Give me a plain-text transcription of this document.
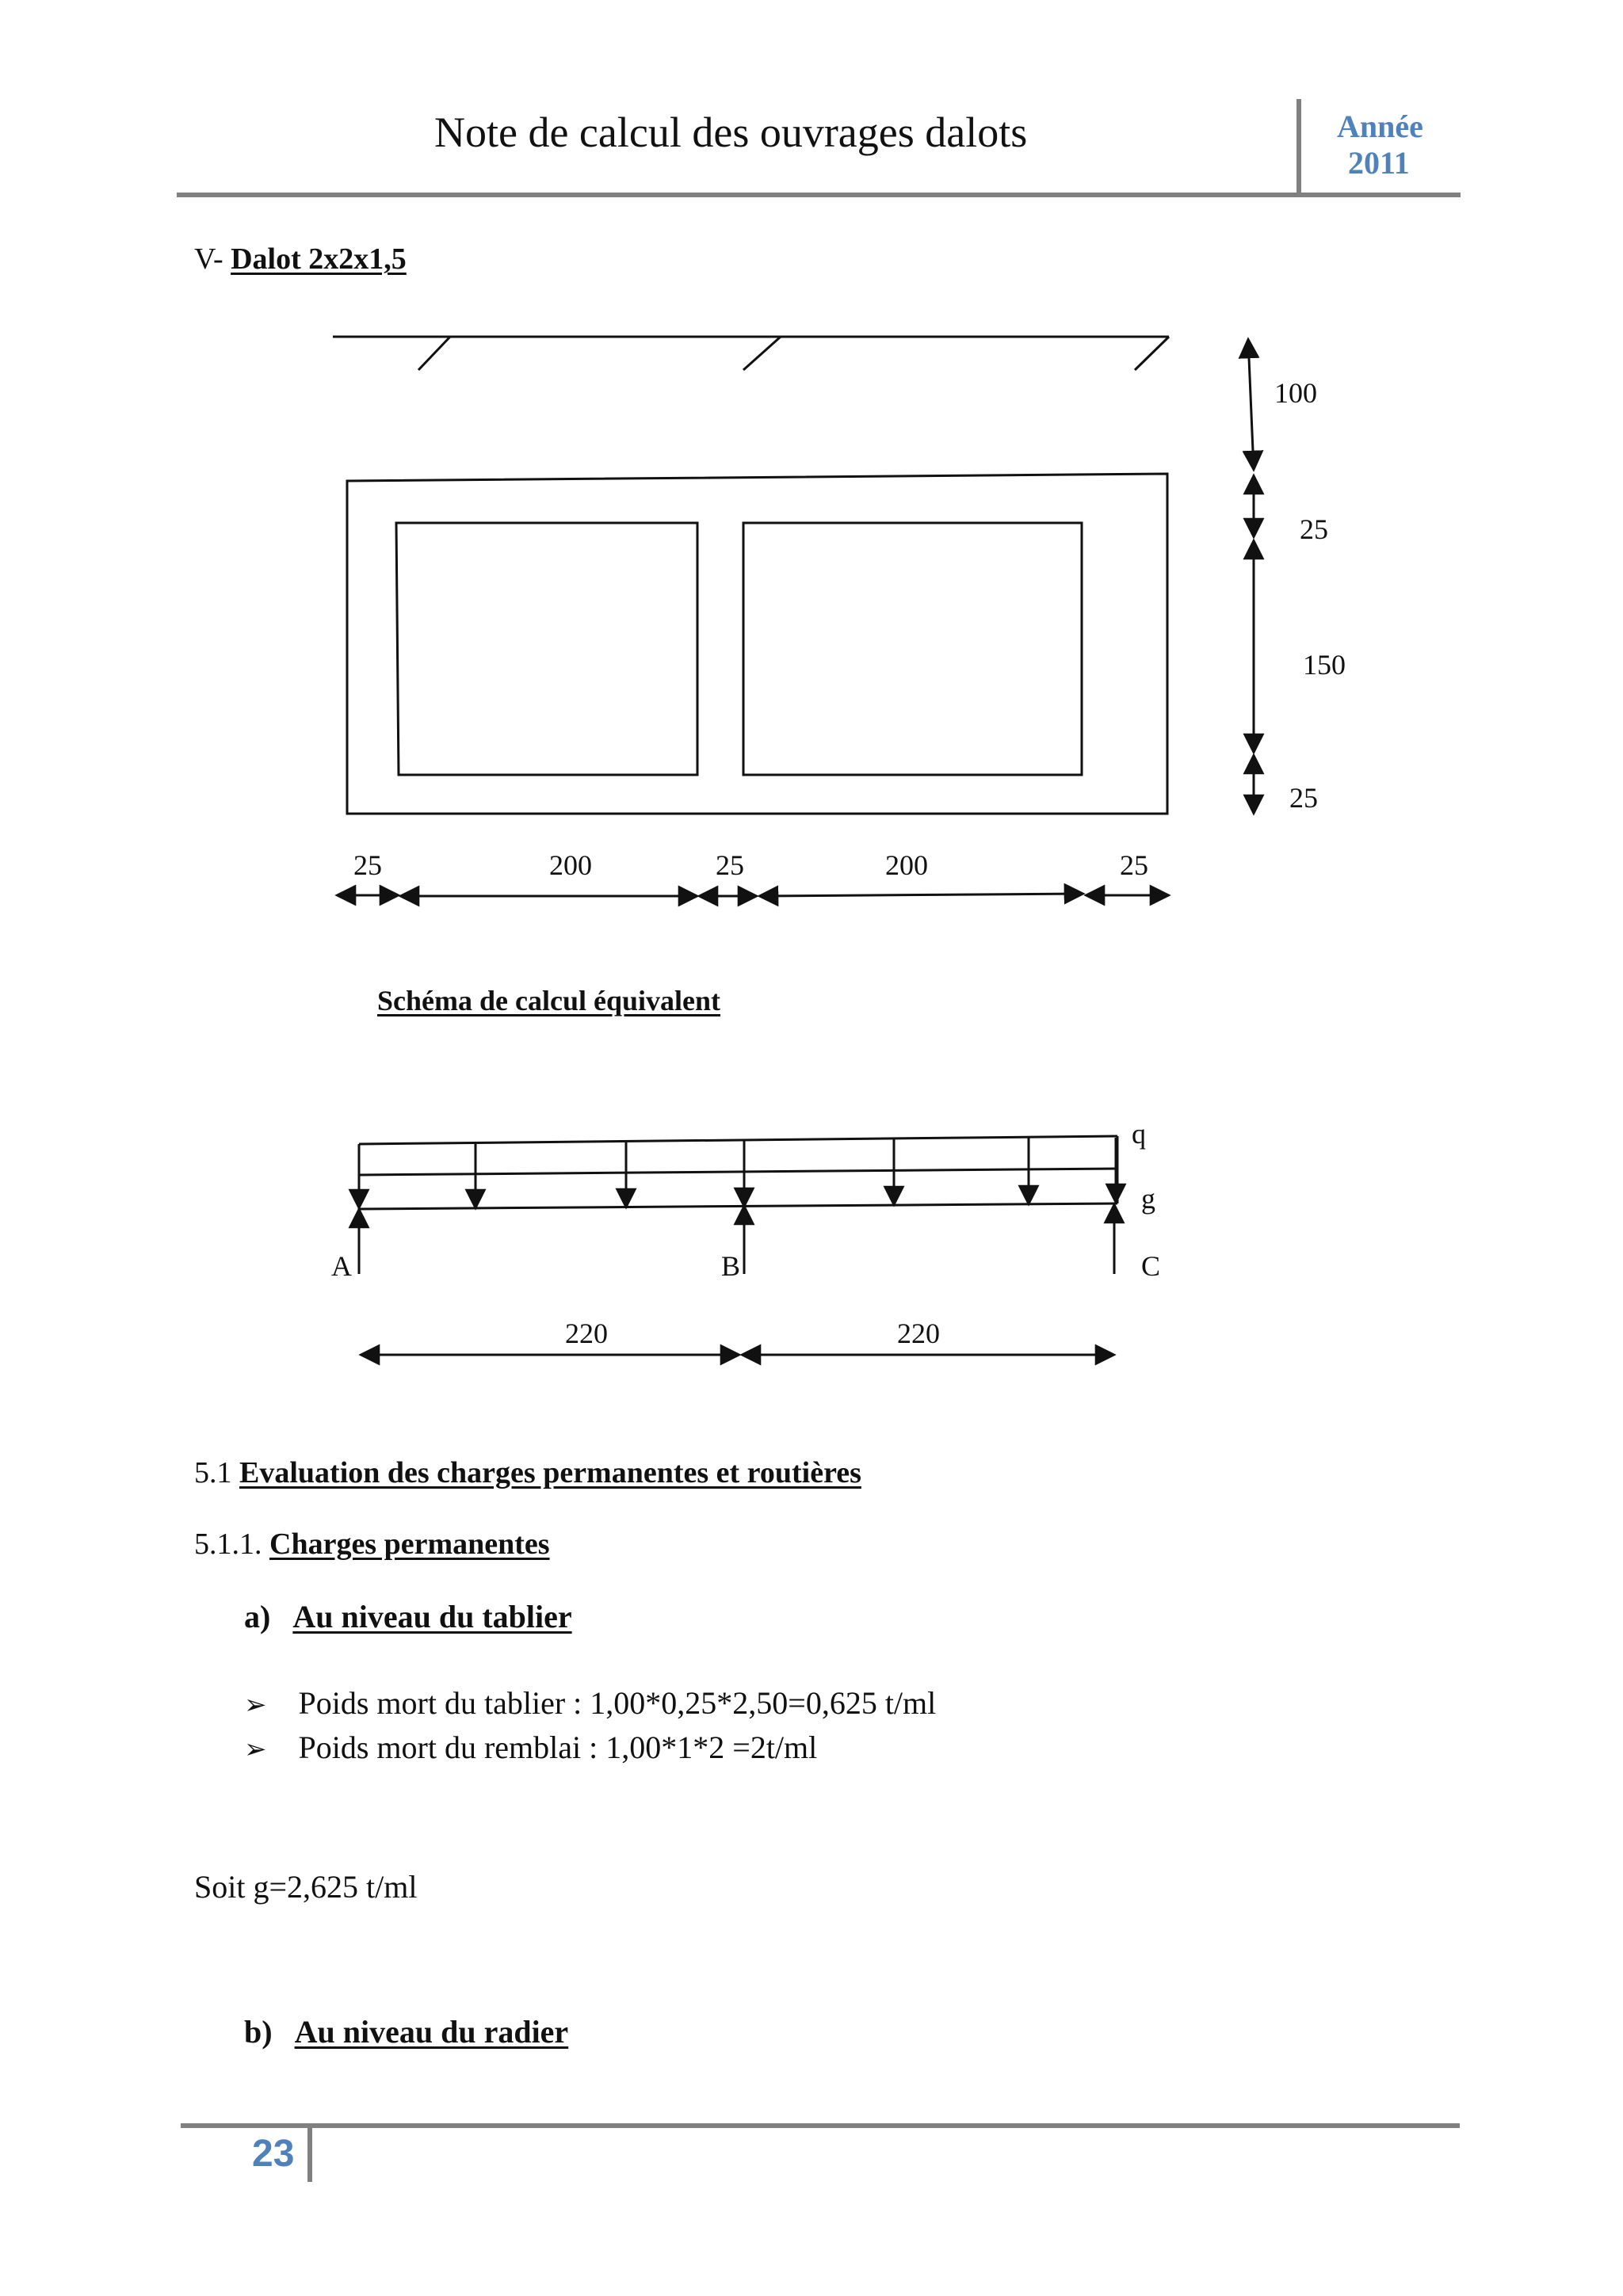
Note de calcul des ouvrages dalots	Année
2011
V- Dalot 2x2x1,5
100
25
150
25
25	200	25	200	25
Schéma de calcul équivalent
q
g
A	B	C
220	220
5.1 Evaluation des charges permanentes et routières
5.1.1. Charges permanentes
a) Au niveau du tablier
➢ Poids mort du tablier : 1,00*0,25*2,50=0,625 t/ml
➢ Poids mort du remblai : 1,00*1*2 =2t/ml
Soit g=2,625 t/ml
b) Au niveau du radier
23
